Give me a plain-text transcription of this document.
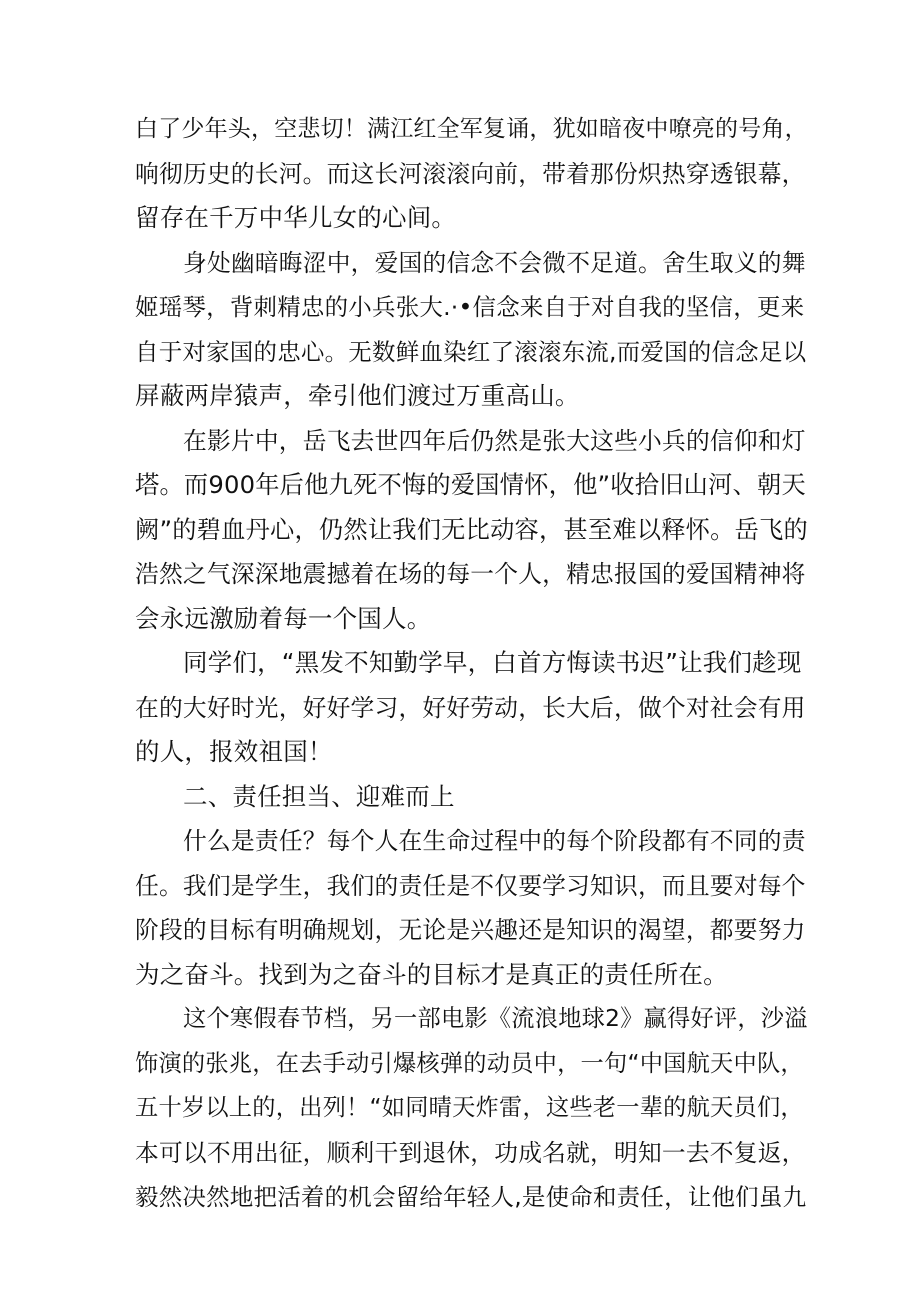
白了少年头，空悲切！满江红全军复诵，犹如暗夜中嘹亮的号角，
响彻历史的长河。而这长河滚滚向前，带着那份炽热穿透银幕，
留存在千万中华儿女的心间。
身处幽暗晦涩中，爱国的信念不会微不足道。舍生取义的舞
姬瑶琴，背刺精忠的小兵张大.·•信念来自于对自我的坚信，更来
自于对家国的忠心。无数鲜血染红了滚滚东流,而爱国的信念足以
屏蔽两岸猿声，牵引他们渡过万重高山。
在影片中，岳飞去世四年后仍然是张大这些小兵的信仰和灯
塔。而900年后他九死不悔的爱国情怀，他”收拾旧山河、朝天
阙”的碧血丹心，仍然让我们无比动容，甚至难以释怀。岳飞的
浩然之气深深地震撼着在场的每一个人，精忠报国的爱国精神将
会永远激励着每一个国人。
同学们，“黑发不知勤学早，白首方悔读书迟”让我们趁现
在的大好时光，好好学习，好好劳动，长大后，做个对社会有用
的人，报效祖国！
二、责任担当、迎难而上
什么是责任？每个人在生命过程中的每个阶段都有不同的责
任。我们是学生，我们的责任是不仅要学习知识，而且要对每个
阶段的目标有明确规划，无论是兴趣还是知识的渴望，都要努力
为之奋斗。找到为之奋斗的目标才是真正的责任所在。
这个寒假春节档，另一部电影《流浪地球2》赢得好评，沙溢
饰演的张兆，在去手动引爆核弹的动员中，一句“中国航天中队，
五十岁以上的，出列！“如同晴天炸雷，这些老一辈的航天员们，
本可以不用出征，顺利干到退休，功成名就，明知一去不复返，
毅然决然地把活着的机会留给年轻人,是使命和责任，让他们虽九
